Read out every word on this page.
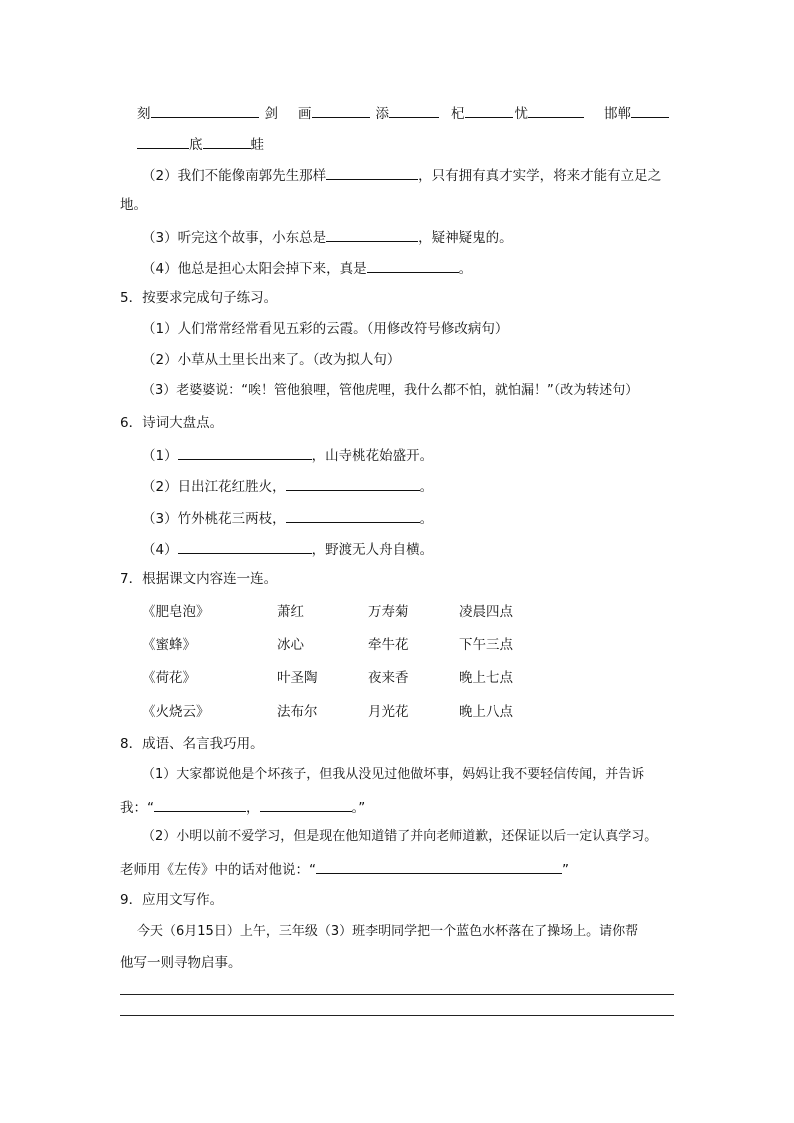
刻	剑 画	添	杞	忧	邯郸
底	蛙
（2）我们不能像南郭先生那样	，只有拥有真才实学，将来才能有立足之
地。
（3）听完这个故事，小东总是	，疑神疑鬼的。
（4）他总是担心太阳会掉下来，真是	。
5．按要求完成句子练习。
（1）人们常常经常看见五彩的云霞。（用修改符号修改病句）
（2）小草从土里长出来了。（改为拟人句）
（3）老婆婆说：“唉！管他狼哩，管他虎哩，我什么都不怕，就怕漏！”（改为转述句）
6．诗词大盘点。
（1）	，山寺桃花始盛开。
（2）日出江花红胜火，	。
（3）竹外桃花三两枝，	。
（4）	，野渡无人舟自横。
7．根据课文内容连一连。
《肥皂泡》	萧红	万寿菊	凌晨四点
《蜜蜂》	冰心	牵牛花	下午三点
《荷花》	叶圣陶	夜来香	晚上七点
《火烧云》	法布尔	月光花	晚上八点
8．成语、名言我巧用。
（1）大家都说他是个坏孩子，但我从没见过他做坏事，妈妈让我不要轻信传闻，并告诉
我：“	，	。”
（2）小明以前不爱学习，但是现在他知道错了并向老师道歉，还保证以后一定认真学习。
老师用《左传》中的话对他说：“	”
9．应用文写作。
今天（6月15日）上午，三年级（3）班李明同学把一个蓝色水杯落在了操场上。请你帮
他写一则寻物启事。
